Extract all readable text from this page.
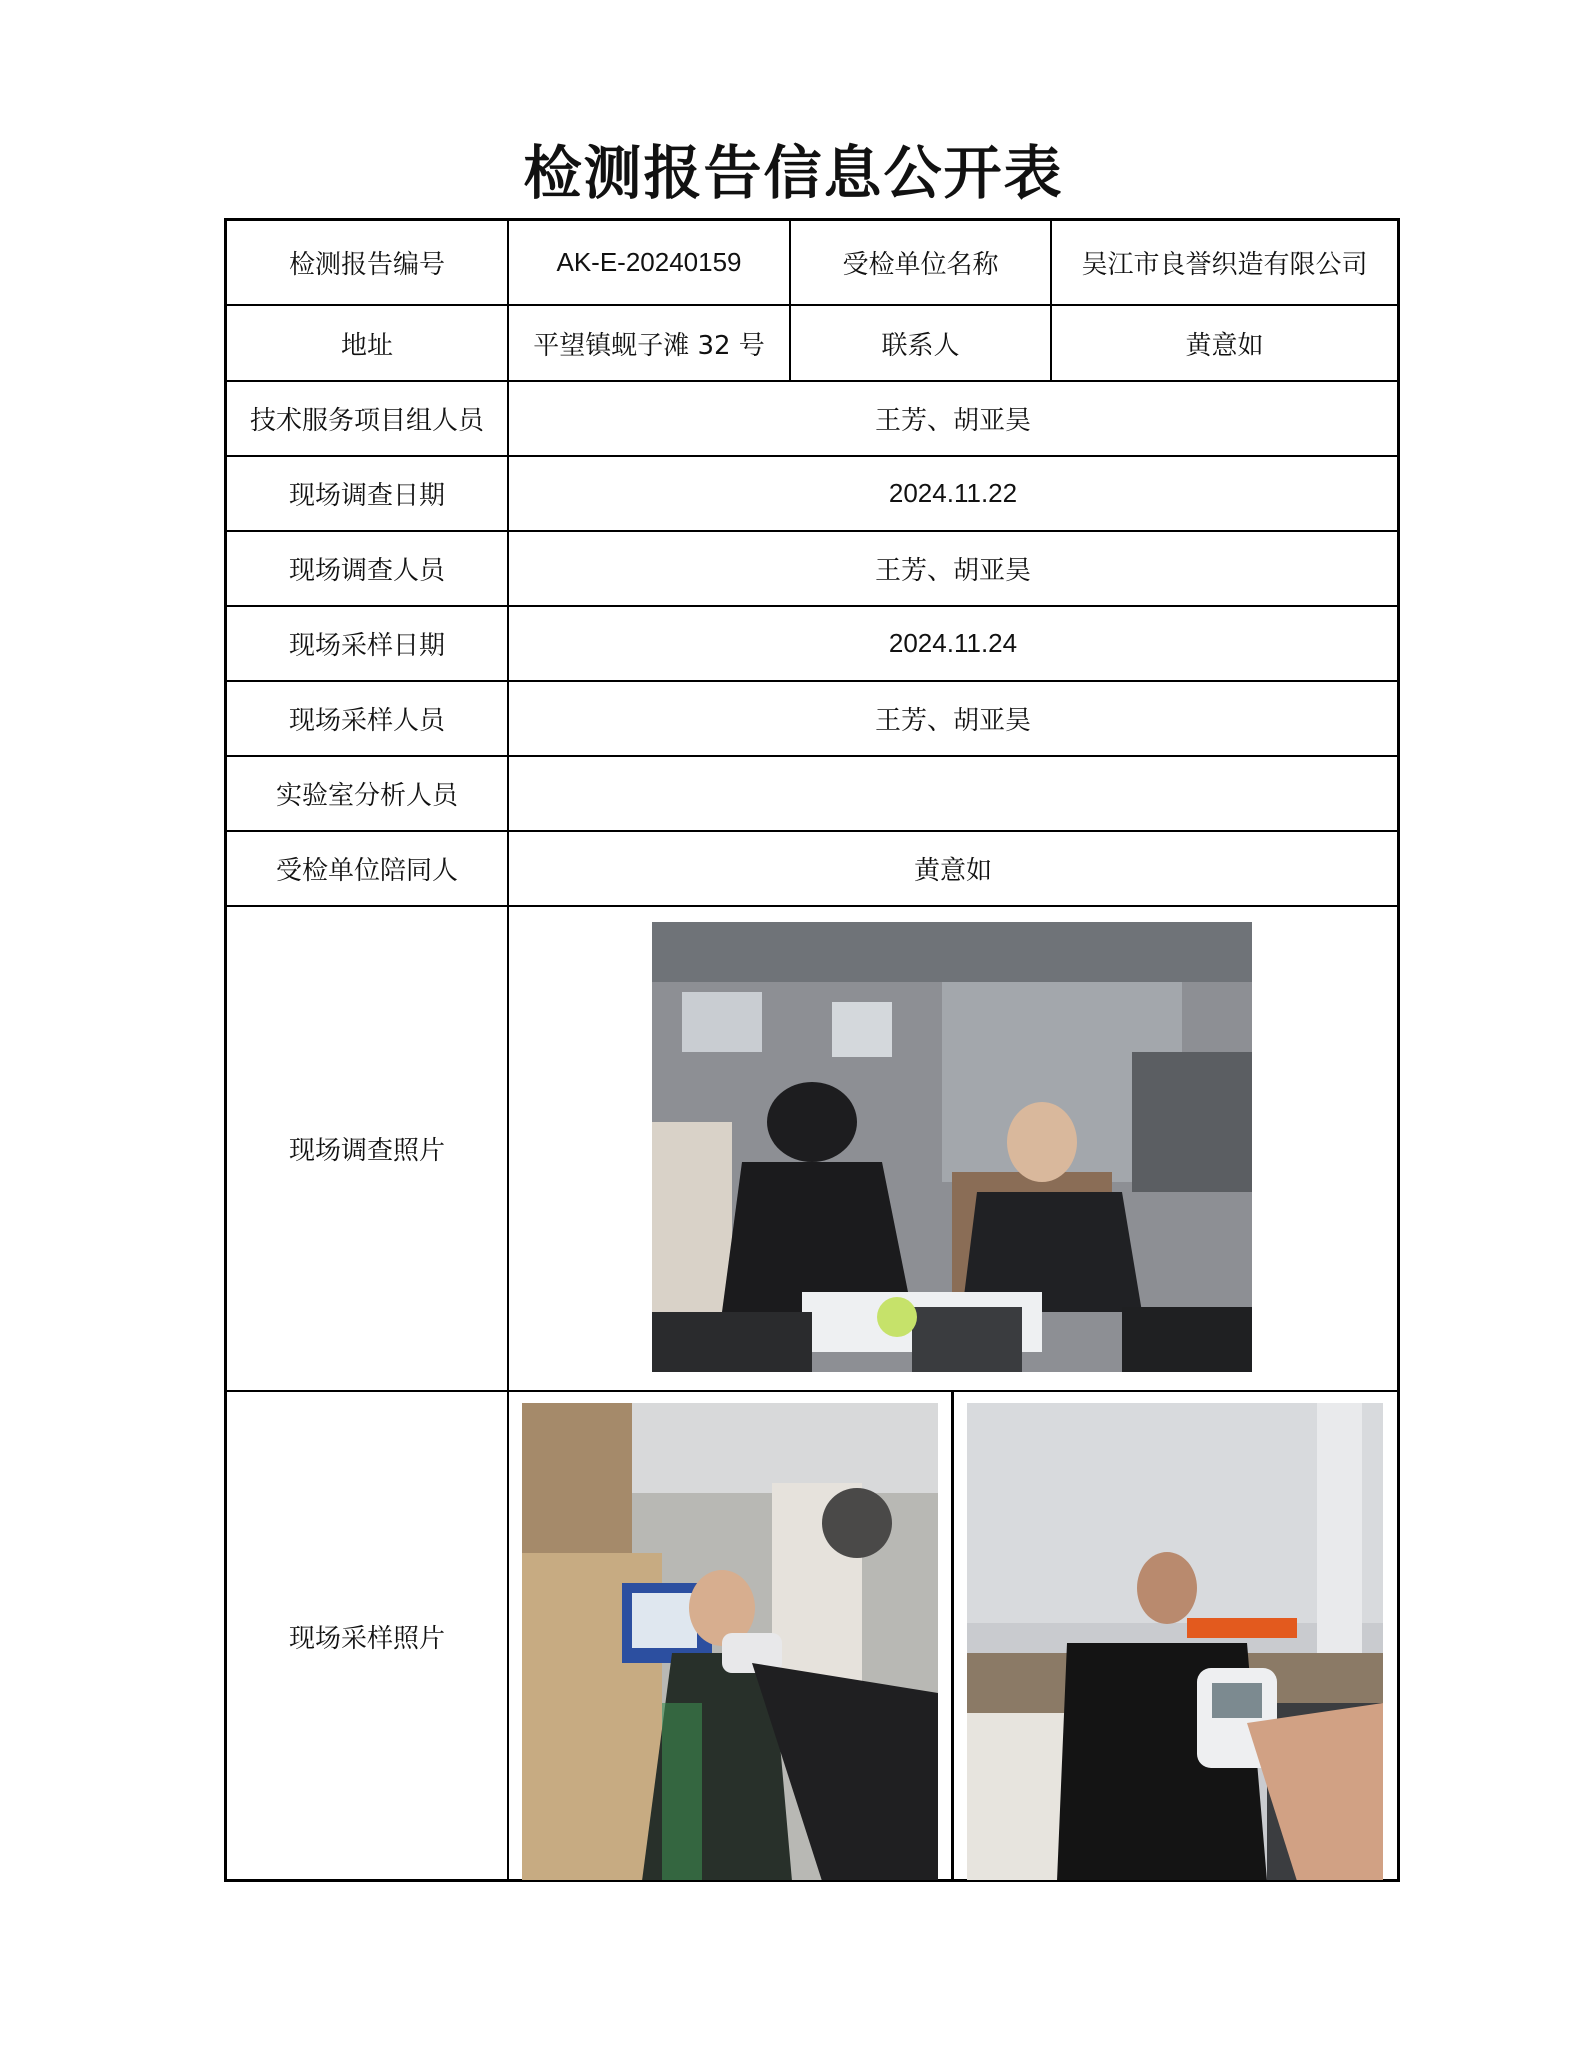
检测报告信息公开表
检测报告编号	AK-E-20240159	受检单位名称	吴江市良誉织造有限公司
地址	平望镇蚬子滩 32 号	联系人	黄意如
技术服务项目组人员	王芳、胡亚昊		
现场调查日期	2024.11.22		
现场调查人员	王芳、胡亚昊		
现场采样日期	2024.11.24		
现场采样人员	王芳、胡亚昊		
实验室分析人员			
受检单位陪同人	黄意如		
现场调查照片	

现场采样照片	
